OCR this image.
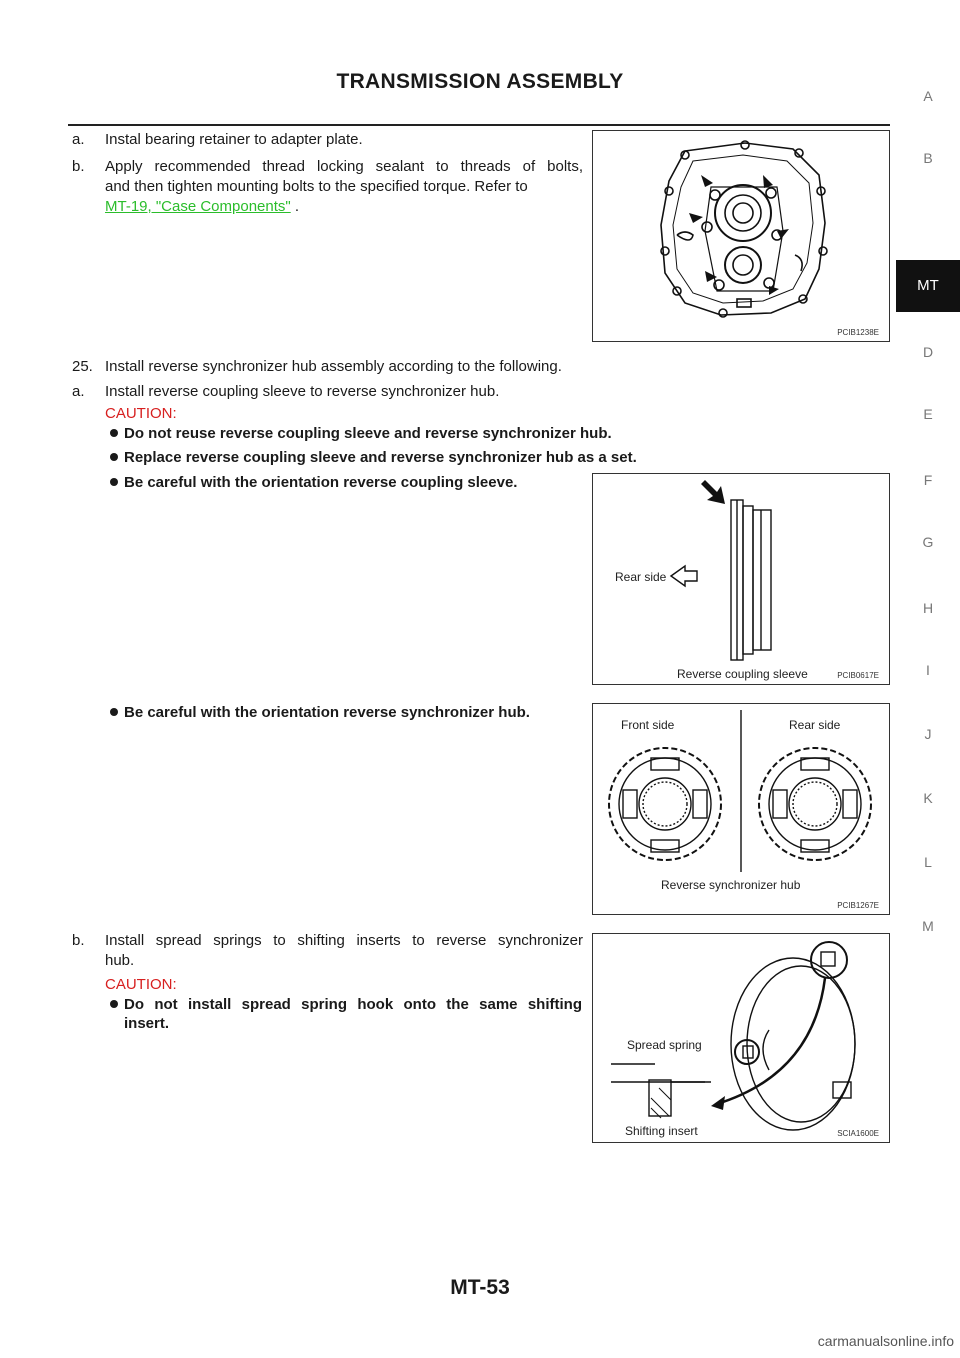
TRANSMISSION ASSEMBLY
A
B
MT
D
E
F
G
H
I
J
K
L
M
a. Instal bearing retainer to adapter plate.
b. Apply recommended thread locking sealant to threads of bolts,
and then tighten mounting bolts to the specified torque. Refer to
MT-19, "Case Components" .
PCIB1238E
25. Install reverse synchronizer hub assembly according to the following.
a. Install reverse coupling sleeve to reverse synchronizer hub.
CAUTION:
Do not reuse reverse coupling sleeve and reverse synchronizer hub.
Replace reverse coupling sleeve and reverse synchronizer hub as a set.
Be careful with the orientation reverse coupling sleeve.
Rear side
Reverse coupling sleeve	PCIB0617E
Be careful with the orientation reverse synchronizer hub.
Front side	Rear side
Reverse synchronizer hub
PCIB1267E
b. Install spread springs to shifting inserts to reverse synchronizer
hub.
CAUTION:
Do not install spread spring hook onto the same shifting
insert.
Spread spring
Shifting insert	SCIA1600E
MT-53
carmanualsonline.info
